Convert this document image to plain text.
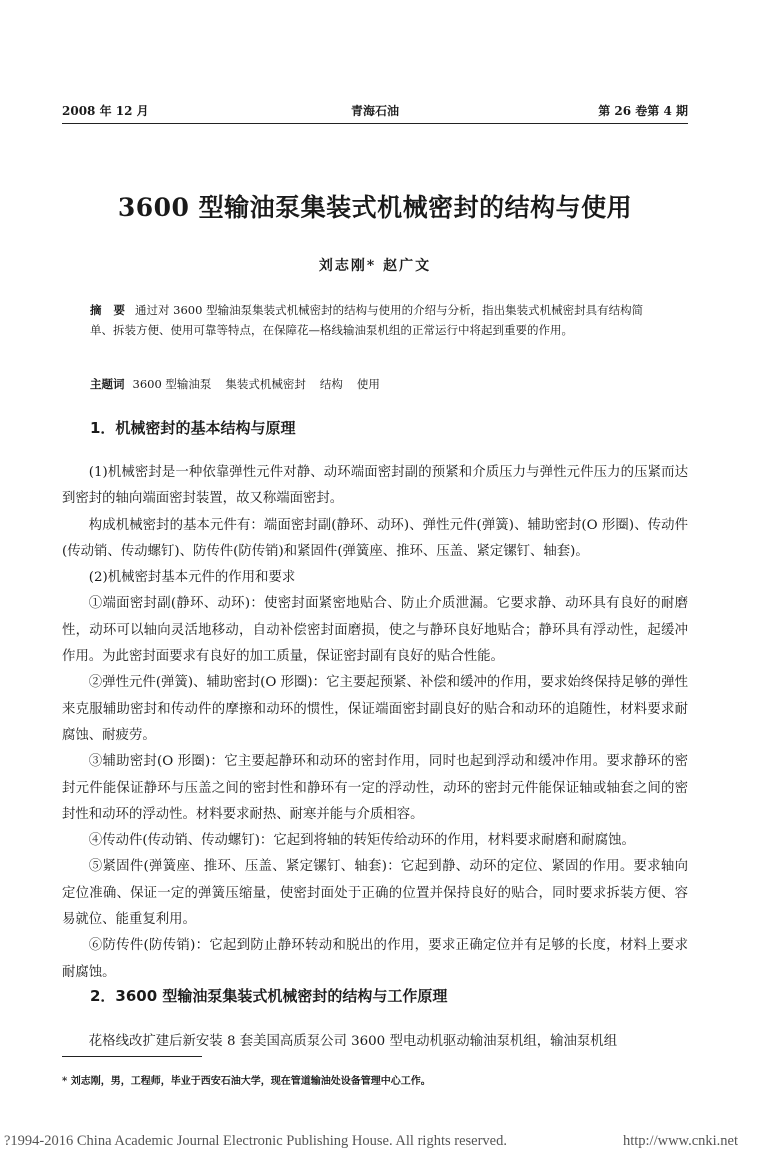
2008 年 12 月	青海石油	第 26 卷第 4 期
3600 型输油泵集装式机械密封的结构与使用
刘志刚* 赵广文

摘 要 通过对 3600 型输油泵集装式机械密封的结构与使用的介绍与分析，指出集装式机械密封具有结构简单、拆装方便、使用可靠等特点，在保障花—格线输油泵机组的正常运行中将起到重要的作用。

主题词 3600 型输油泵 集装式机械密封 结构 使用

1．机械密封的基本结构与原理

(1)机械密封是一种依靠弹性元件对静、动环端面密封副的预紧和介质压力与弹性元件压力的压紧而达到密封的轴向端面密封装置，故又称端面密封。

构成机械密封的基本元件有：端面密封副(静环、动环)、弹性元件(弹簧)、辅助密封(O 形圈)、传动件(传动销、传动螺钉)、防传件(防传销)和紧固件(弹簧座、推环、压盖、紧定镙钉、轴套)。

(2)机械密封基本元件的作用和要求

①端面密封副(静环、动环)：使密封面紧密地贴合、防止介质泄漏。它要求静、动环具有良好的耐磨性，动环可以轴向灵活地移动，自动补偿密封面磨损，使之与静环良好地贴合；静环具有浮动性，起缓冲作用。为此密封面要求有良好的加工质量，保证密封副有良好的贴合性能。

②弹性元件(弹簧)、辅助密封(O 形圈)：它主要起预紧、补偿和缓冲的作用，要求始终保持足够的弹性来克服辅助密封和传动件的摩擦和动环的惯性，保证端面密封副良好的贴合和动环的追随性，材料要求耐腐蚀、耐疲劳。

③辅助密封(O 形圈)：它主要起静环和动环的密封作用，同时也起到浮动和缓冲作用。要求静环的密封元件能保证静环与压盖之间的密封性和静环有一定的浮动性，动环的密封元件能保证轴或轴套之间的密封性和动环的浮动性。材料要求耐热、耐寒并能与介质相容。

④传动件(传动销、传动螺钉)：它起到将轴的转矩传给动环的作用，材料要求耐磨和耐腐蚀。

⑤紧固件(弹簧座、推环、压盖、紧定镙钉、轴套)：它起到静、动环的定位、紧固的作用。要求轴向定位准确、保证一定的弹簧压缩量，使密封面处于正确的位置并保持良好的贴合，同时要求拆装方便、容易就位、能重复利用。

⑥防传件(防传销)：它起到防止静环转动和脱出的作用，要求正确定位并有足够的长度，材料上要求耐腐蚀。

2．3600 型输油泵集装式机械密封的结构与工作原理
花格线改扩建后新安装 8 套美国高质泵公司 3600 型电动机驱动输油泵机组，输油泵机组
* 刘志刚，男，工程师，毕业于西安石油大学，现在管道输油处设备管理中心工作。
?1994-2016 China Academic Journal Electronic Publishing House. All rights reserved.	http://www.cnki.net
